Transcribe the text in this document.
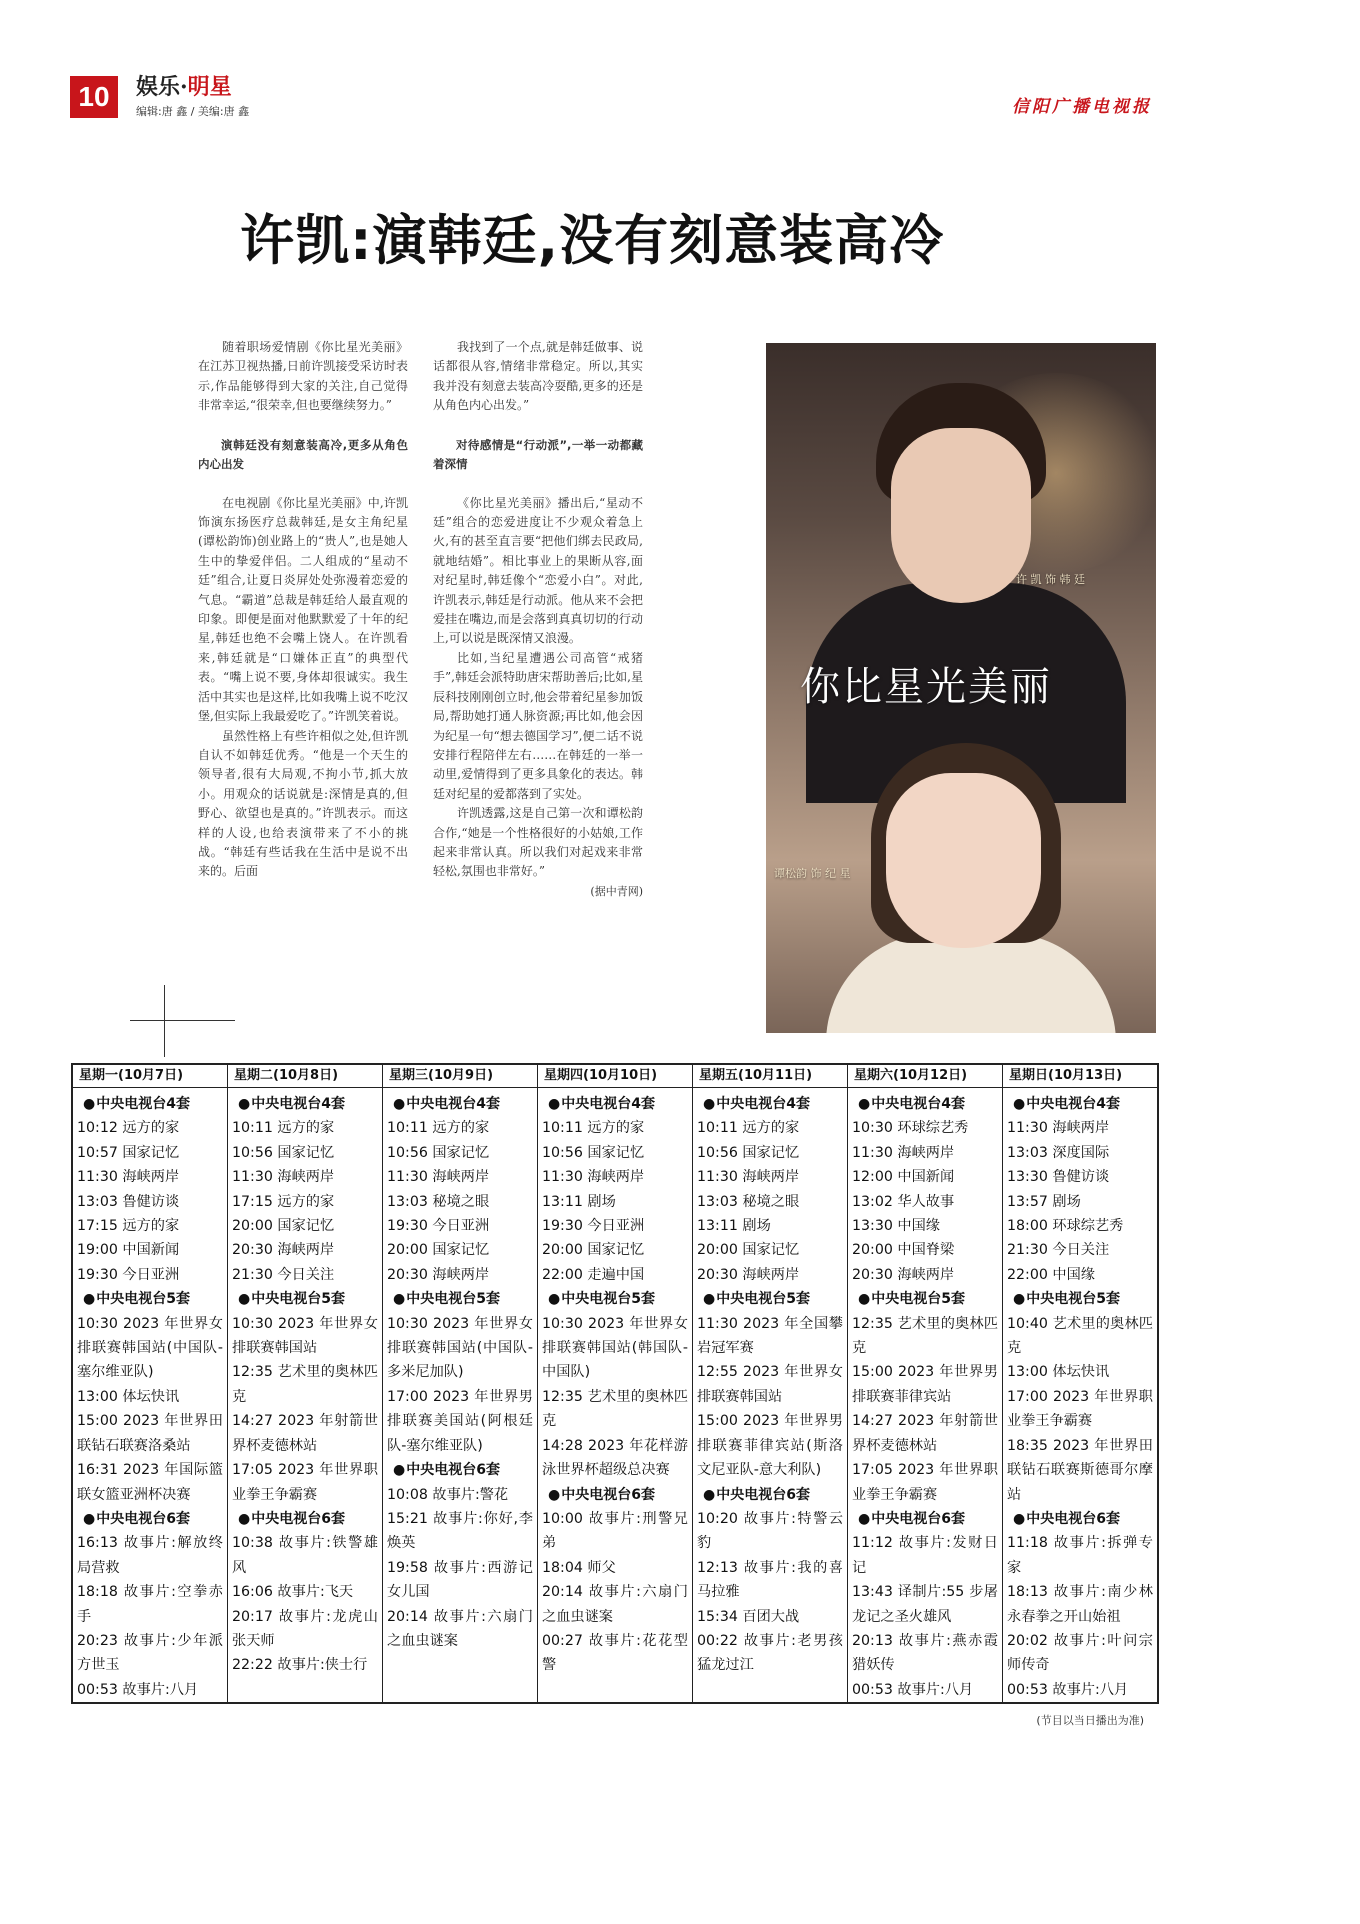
10	娱乐·明星
编辑:唐 鑫 / 美编:唐 鑫	信阳广播电视报
许凯:演韩廷,没有刻意装高冷

随着职场爱情剧《你比星光美丽》在江苏卫视热播,日前许凯接受采访时表示,作品能够得到大家的关注,自己觉得非常幸运,“很荣幸,但也要继续努力。”

演韩廷没有刻意装高冷,更多从角色内心出发

在电视剧《你比星光美丽》中,许凯饰演东扬医疗总裁韩廷,是女主角纪星(谭松韵饰)创业路上的“贵人”,也是她人生中的挚爱伴侣。二人组成的“星动不廷”组合,让夏日炎屏处处弥漫着恋爱的气息。“霸道”总裁是韩廷给人最直观的印象。即便是面对他默默爱了十年的纪星,韩廷也绝不会嘴上饶人。在许凯看来,韩廷就是“口嫌体正直”的典型代表。“嘴上说不要,身体却很诚实。我生活中其实也是这样,比如我嘴上说不吃汉堡,但实际上我最爱吃了。”许凯笑着说。

虽然性格上有些许相似之处,但许凯自认不如韩廷优秀。“他是一个天生的领导者,很有大局观,不拘小节,抓大放小。用观众的话说就是:深情是真的,但野心、欲望也是真的。”许凯表示。而这样的人设,也给表演带来了不小的挑战。“韩廷有些话我在生活中是说不出来的。后面

我找到了一个点,就是韩廷做事、说话都很从容,情绪非常稳定。所以,其实我并没有刻意去装高冷耍酷,更多的还是从角色内心出发。”

对待感情是“行动派”,一举一动都藏着深情

《你比星光美丽》播出后,“星动不廷”组合的恋爱进度让不少观众着急上火,有的甚至直言要“把他们绑去民政局,就地结婚”。相比事业上的果断从容,面对纪星时,韩廷像个“恋爱小白”。对此,许凯表示,韩廷是行动派。他从来不会把爱挂在嘴边,而是会落到真真切切的行动上,可以说是既深情又浪漫。

比如,当纪星遭遇公司高管“戒猪手”,韩廷会派特助唐宋帮助善后;比如,星辰科技刚刚创立时,他会带着纪星参加饭局,帮助她打通人脉资源;再比如,他会因为纪星一句“想去德国学习”,便二话不说安排行程陪伴左右……在韩廷的一举一动里,爱情得到了更多具象化的表达。韩廷对纪星的爱都落到了实处。

许凯透露,这是自己第一次和谭松韵合作,“她是一个性格很好的小姑娘,工作起来非常认真。所以我们对起戏来非常轻松,氛围也非常好。”

(据中青网)

你比星光美丽
许 凯 饰 韩 廷
谭松韵 饰 纪 星
星期一(10月7日)
● 中央电视台4套
10:12 远方的家
10:57 国家记忆
11:30 海峡两岸
13:03 鲁健访谈
17:15 远方的家
19:00 中国新闻
19:30 今日亚洲
● 中央电视台5套
10:30 2023 年世界女排联赛韩国站(中国队-塞尔维亚队)
13:00 体坛快讯
15:00 2023 年世界田联钻石联赛洛桑站
16:31 2023 年国际篮联女篮亚洲杯决赛
● 中央电视台6套
16:13 故事片:解放终局营救
18:18 故事片:空拳赤手
20:23 故事片:少年派方世玉
00:53 故事片:八月
星期二(10月8日)
● 中央电视台4套
10:11 远方的家
10:56 国家记忆
11:30 海峡两岸
17:15 远方的家
20:00 国家记忆
20:30 海峡两岸
21:30 今日关注
● 中央电视台5套
10:30 2023 年世界女排联赛韩国站
12:35 艺术里的奥林匹克
14:27 2023 年射箭世界杯麦德林站
17:05 2023 年世界职业拳王争霸赛
● 中央电视台6套
10:38 故事片:铁警雄风
16:06 故事片:飞天
20:17 故事片:龙虎山张天师
22:22 故事片:侠士行
星期三(10月9日)
● 中央电视台4套
10:11 远方的家
10:56 国家记忆
11:30 海峡两岸
13:03 秘境之眼
19:30 今日亚洲
20:00 国家记忆
20:30 海峡两岸
● 中央电视台5套
10:30 2023 年世界女排联赛韩国站(中国队-多米尼加队)
17:00 2023 年世界男排联赛美国站(阿根廷队-塞尔维亚队)
● 中央电视台6套
10:08 故事片:警花
15:21 故事片:你好,李焕英
19:58 故事片:西游记女儿国
20:14 故事片:六扇门之血虫谜案
星期四(10月10日)
● 中央电视台4套
10:11 远方的家
10:56 国家记忆
11:30 海峡两岸
13:11 剧场
19:30 今日亚洲
20:00 国家记忆
22:00 走遍中国
● 中央电视台5套
10:30 2023 年世界女排联赛韩国站(韩国队-中国队)
12:35 艺术里的奥林匹克
14:28 2023 年花样游泳世界杯超级总决赛
● 中央电视台6套
10:00 故事片:刑警兄弟
18:04 师父
20:14 故事片:六扇门之血虫谜案
00:27 故事片:花花型警
星期五(10月11日)
● 中央电视台4套
10:11 远方的家
10:56 国家记忆
11:30 海峡两岸
13:03 秘境之眼
13:11 剧场
20:00 国家记忆
20:30 海峡两岸
● 中央电视台5套
11:30 2023 年全国攀岩冠军赛
12:55 2023 年世界女排联赛韩国站
15:00 2023 年世界男排联赛菲律宾站(斯洛文尼亚队-意大利队)
● 中央电视台6套
10:20 故事片:特警云豹
12:13 故事片:我的喜马拉雅
15:34 百团大战
00:22 故事片:老男孩猛龙过江
星期六(10月12日)
● 中央电视台4套
10:30 环球综艺秀
11:30 海峡两岸
12:00 中国新闻
13:02 华人故事
13:30 中国缘
20:00 中国脊梁
20:30 海峡两岸
● 中央电视台5套
12:35 艺术里的奥林匹克
15:00 2023 年世界男排联赛菲律宾站
14:27 2023 年射箭世界杯麦德林站
17:05 2023 年世界职业拳王争霸赛
● 中央电视台6套
11:12 故事片:发财日记
13:43 译制片:55 步屠龙记之圣火雄风
20:13 故事片:燕赤霞猎妖传
00:53 故事片:八月
星期日(10月13日)
● 中央电视台4套
11:30 海峡两岸
13:03 深度国际
13:30 鲁健访谈
13:57 剧场
18:00 环球综艺秀
21:30 今日关注
22:00 中国缘
● 中央电视台5套
10:40 艺术里的奥林匹克
13:00 体坛快讯
17:00 2023 年世界职业拳王争霸赛
18:35 2023 年世界田联钻石联赛斯德哥尔摩站
● 中央电视台6套
11:18 故事片:拆弹专家
18:13 故事片:南少林永春拳之开山始祖
20:02 故事片:叶问宗师传奇
00:53 故事片:八月
(节目以当日播出为准)
